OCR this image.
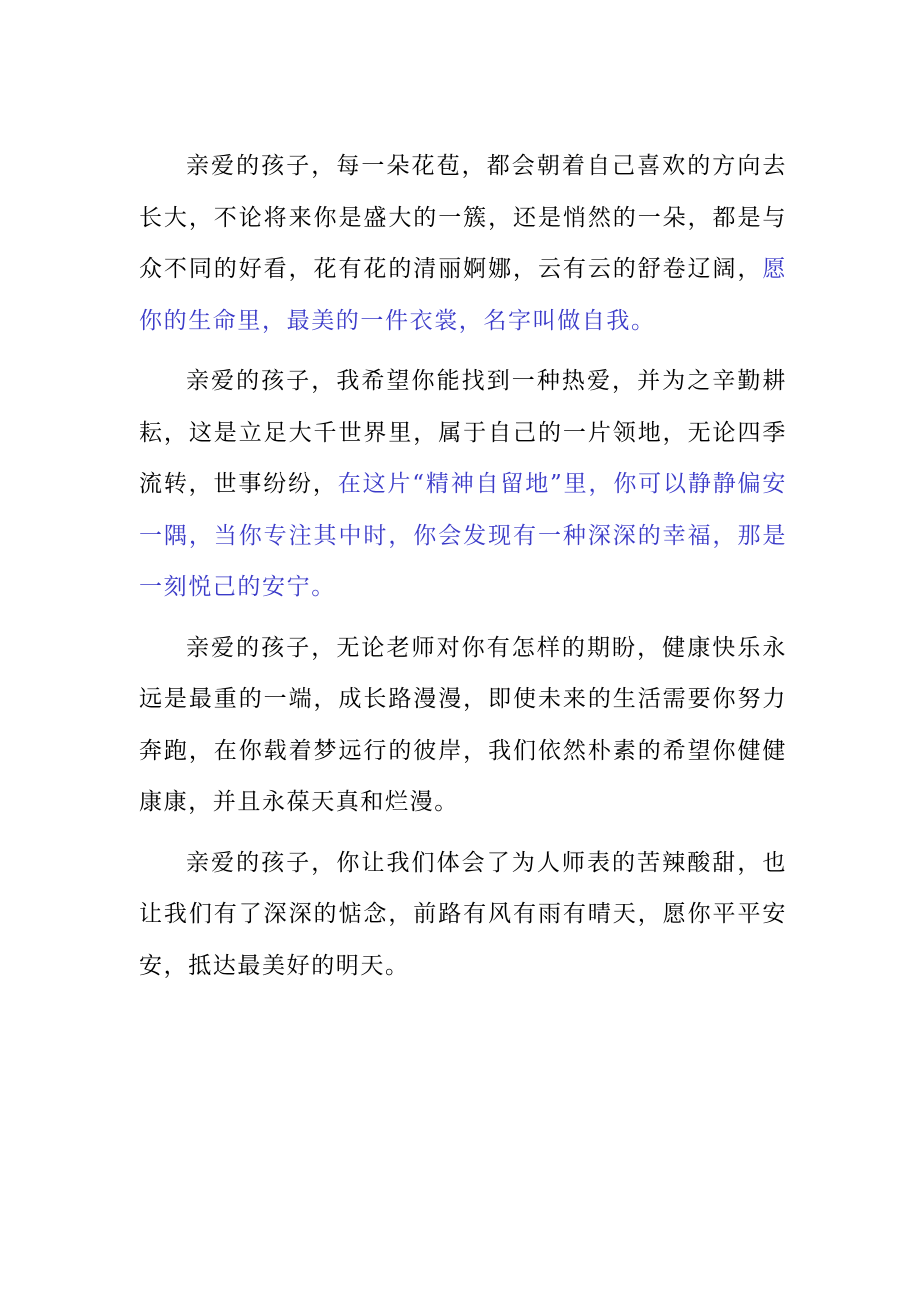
亲爱的孩子，每一朵花苞，都会朝着自己喜欢的方向去长大，不论将来你是盛大的一簇，还是悄然的一朵，都是与众不同的好看，花有花的清丽婀娜，云有云的舒卷辽阔，愿你的生命里，最美的一件衣裳，名字叫做自我。

亲爱的孩子，我希望你能找到一种热爱，并为之辛勤耕耘，这是立足大千世界里，属于自己的一片领地，无论四季流转，世事纷纷，在这片“精神自留地”里，你可以静静偏安一隅，当你专注其中时，你会发现有一种深深的幸福，那是一刻悦己的安宁。

亲爱的孩子，无论老师对你有怎样的期盼，健康快乐永远是最重的一端，成长路漫漫，即使未来的生活需要你努力奔跑，在你载着梦远行的彼岸，我们依然朴素的希望你健健康康，并且永葆天真和烂漫。

亲爱的孩子，你让我们体会了为人师表的苦辣酸甜，也让我们有了深深的惦念，前路有风有雨有晴天，愿你平平安安，抵达最美好的明天。
